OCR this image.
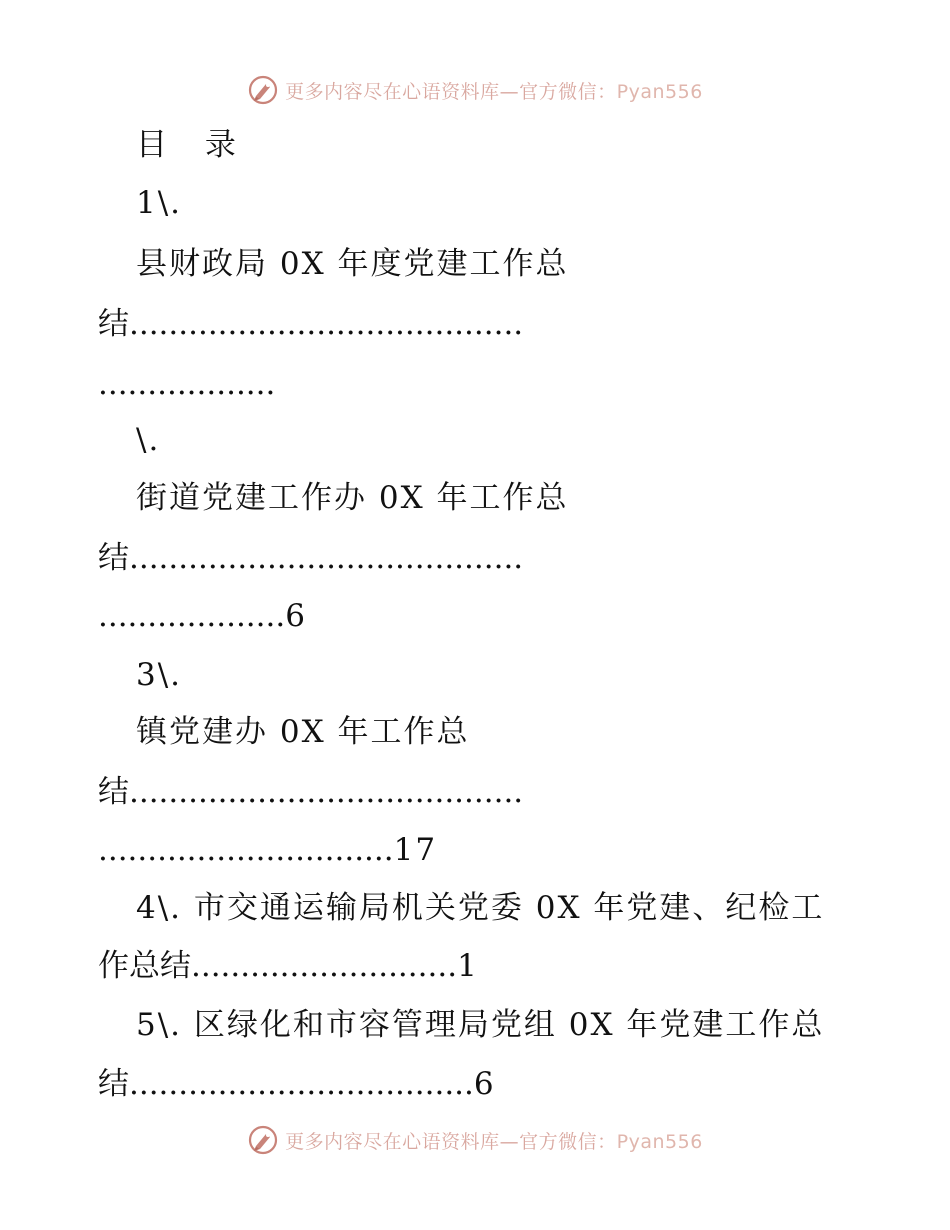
更多内容尽在心语资料库—官方微信：Pyan556
目 录
1\.
县财政局 0X 年度党建工作总
结........................................
..................
\.
街道党建工作办 0X 年工作总
结........................................
...................6
3\.
镇党建办 0X 年工作总
结........................................
..............................17
4\. 市交通运输局机关党委 0X 年党建、纪检工
作总结...........................1
5\. 区绿化和市容管理局党组 0X 年党建工作总
结...................................6
更多内容尽在心语资料库—官方微信：Pyan556
